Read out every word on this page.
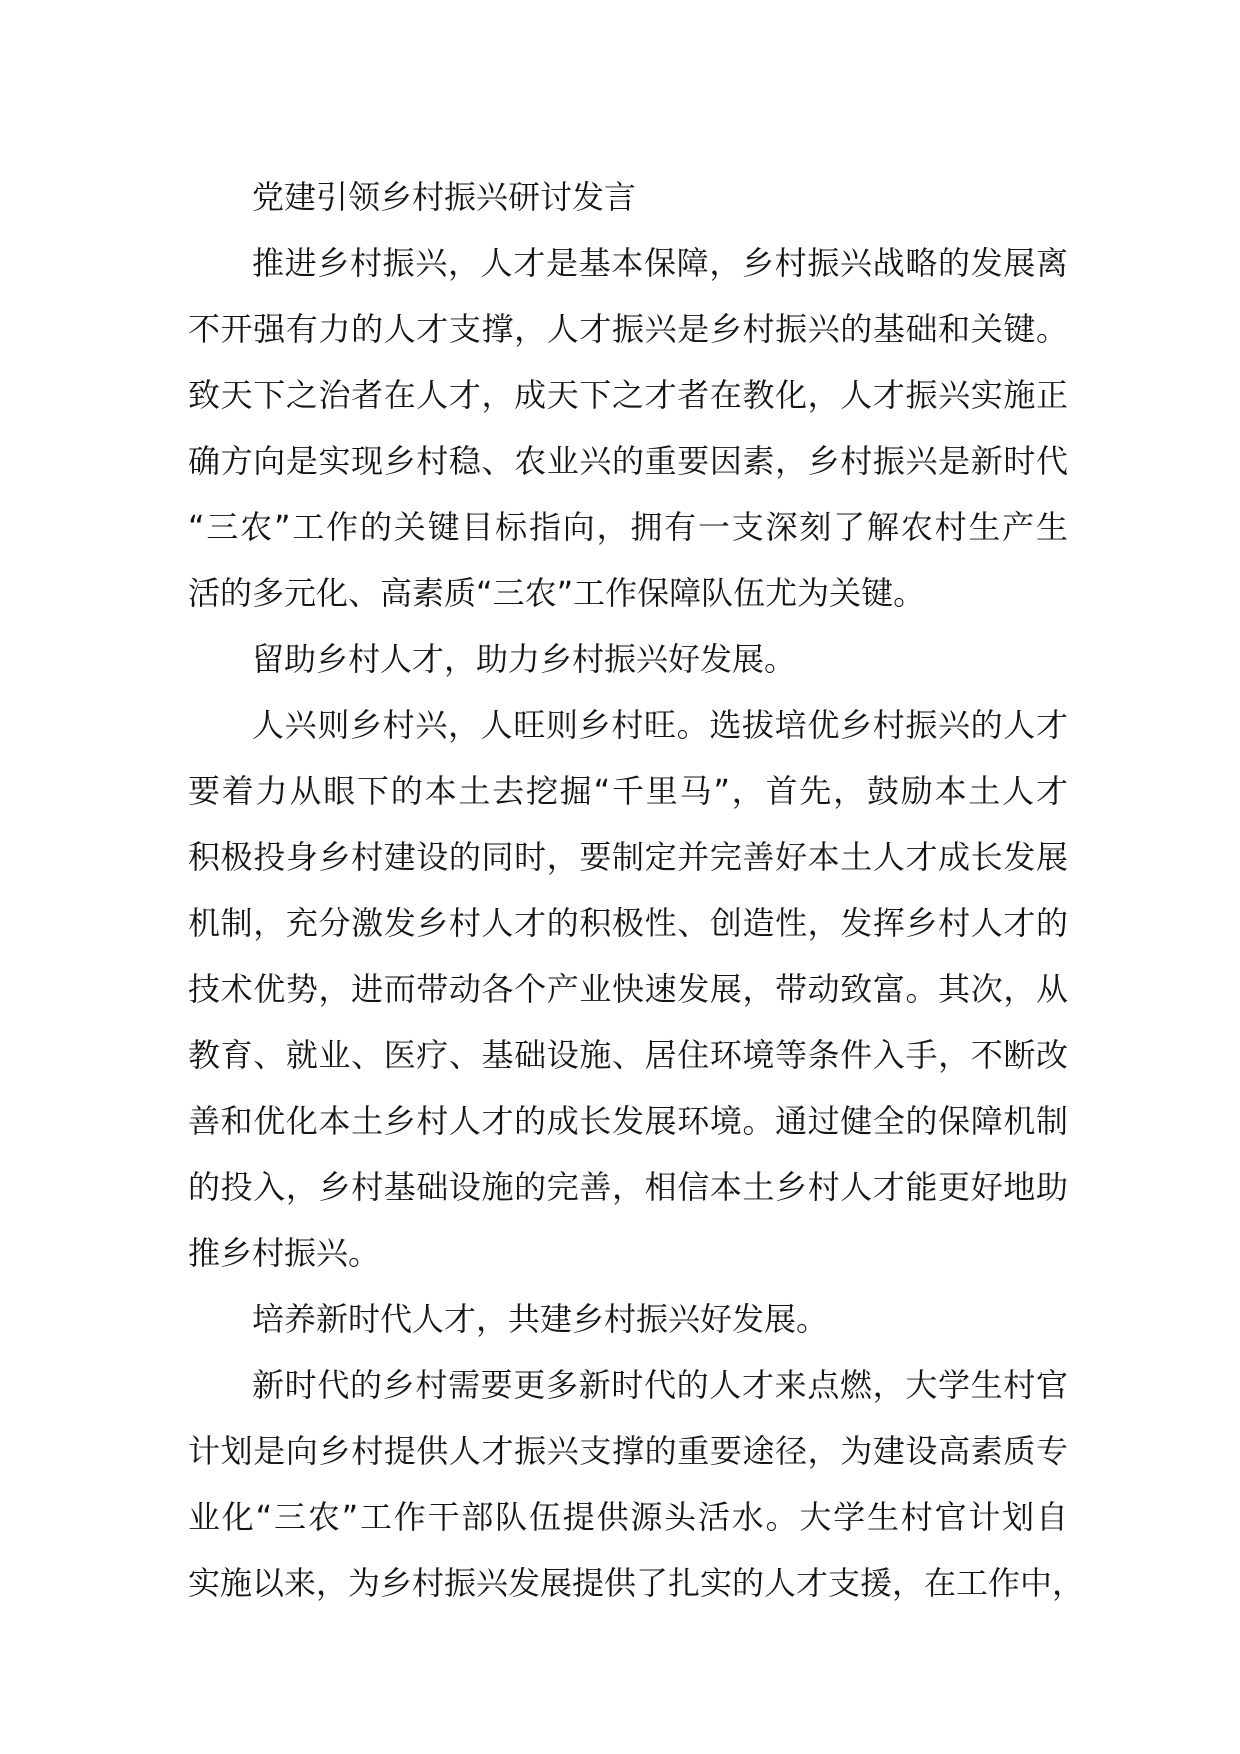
党建引领乡村振兴研讨发言
推进乡村振兴，人才是基本保障，乡村振兴战略的发展离
不开强有力的人才支撑，人才振兴是乡村振兴的基础和关键。
致天下之治者在人才，成天下之才者在教化，人才振兴实施正
确方向是实现乡村稳、农业兴的重要因素，乡村振兴是新时代
“三农”工作的关键目标指向，拥有一支深刻了解农村生产生
活的多元化、高素质“三农”工作保障队伍尤为关键。
留助乡村人才，助力乡村振兴好发展。
人兴则乡村兴，人旺则乡村旺。选拔培优乡村振兴的人才
要着力从眼下的本土去挖掘“千里马”，首先，鼓励本土人才
积极投身乡村建设的同时，要制定并完善好本土人才成长发展
机制，充分激发乡村人才的积极性、创造性，发挥乡村人才的
技术优势，进而带动各个产业快速发展，带动致富。其次，从
教育、就业、医疗、基础设施、居住环境等条件入手，不断改
善和优化本土乡村人才的成长发展环境。通过健全的保障机制
的投入，乡村基础设施的完善，相信本土乡村人才能更好地助
推乡村振兴。
培养新时代人才，共建乡村振兴好发展。
新时代的乡村需要更多新时代的人才来点燃，大学生村官
计划是向乡村提供人才振兴支撑的重要途径，为建设高素质专
业化“三农”工作干部队伍提供源头活水。大学生村官计划自
实施以来，为乡村振兴发展提供了扎实的人才支援，在工作中，
